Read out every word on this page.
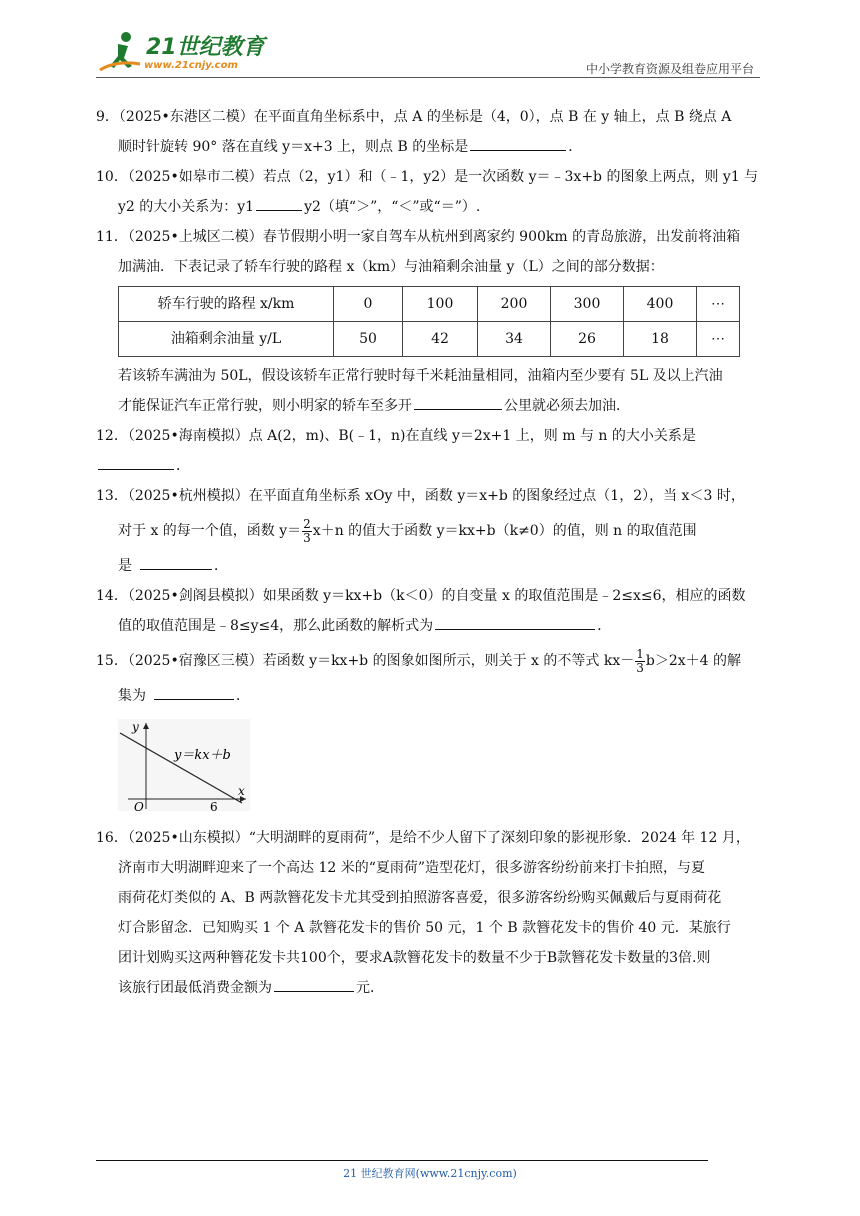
21世纪教育
www.21cnjy.com	中小学教育资源及组卷应用平台
9．（2025•东港区二模）在平面直角坐标系中，点 A 的坐标是（4，0），点 B 在 y 轴上，点 B 绕点 A
顺时针旋转 90° 落在直线 y＝x+3 上，则点 B 的坐标是	．
10．（2025•如皋市二模）若点（2，y1）和（﹣1，y2）是一次函数 y＝﹣3x+b 的图象上两点，则 y1 与
y2 的大小关系为：y1	y2（填“＞”，“＜”或“＝”）.
11．（2025•上城区二模）春节假期小明一家自驾车从杭州到离家约 900km 的青岛旅游，出发前将油箱
加满油．下表记录了轿车行驶的路程 x（km）与油箱剩余油量 y（L）之间的部分数据：
轿车行驶的路程 x/km	0	100	200	300	400	⋯
油箱剩余油量 y/L	50	42	34	26	18	⋯
若该轿车满油为 50L，假设该轿车正常行驶时每千米耗油量相同，油箱内至少要有 5L 及以上汽油
才能保证汽车正常行驶，则小明家的轿车至多开	公里就必须去加油．
12．（2025•海南模拟）点 A(2，m)、B(﹣1，n)在直线 y＝2x+1 上，则 m 与 n 的大小关系是．
13．（2025•杭州模拟）在平面直角坐标系 xOy 中，函数 y＝x+b 的图象经过点（1，2），当 x＜3 时，
对于 x 的每一个值，函数 $y= \frac{2}{3} x+n$ 的值大于函数 y＝kx+b（k≠0）的值，则 n 的取值范围
是	．
14．（2025•剑阁县模拟）如果函数 y＝kx+b（k＜0）的自变量 x 的取值范围是﹣2≤x≤6，相应的函数
值的取值范围是﹣8≤y≤4，那么此函数的解析式为	．
15．（2025•宿豫区三模）若函数 y＝kx+b 的图象如图所示，则关于 x 的不等式 $kx- \frac{1}{3} b>2x+4$ 的解
集为	．
y＝kx＋b
O	6
x
y
16．（2025•山东模拟）“大明湖畔的夏雨荷”，是给不少人留下了深刻印象的影视形象．2024 年 12 月，
济南市大明湖畔迎来了一个高达 12 米的“夏雨荷”造型花灯，很多游客纷纷前来打卡拍照，与夏
雨荷花灯类似的 A、B 两款簪花发卡尤其受到拍照游客喜爱，很多游客纷纷购买佩戴后与夏雨荷花
灯合影留念．已知购买 1 个 A 款簪花发卡的售价 50 元，1 个 B 款簪花发卡的售价 40 元．某旅行
团计划购买这两种簪花发卡共100个，要求A款簪花发卡的数量不少于B款簪花发卡数量的3倍.则
该旅行团最低消费金额为	元．
21 世纪教育网(www.21cnjy.com)
